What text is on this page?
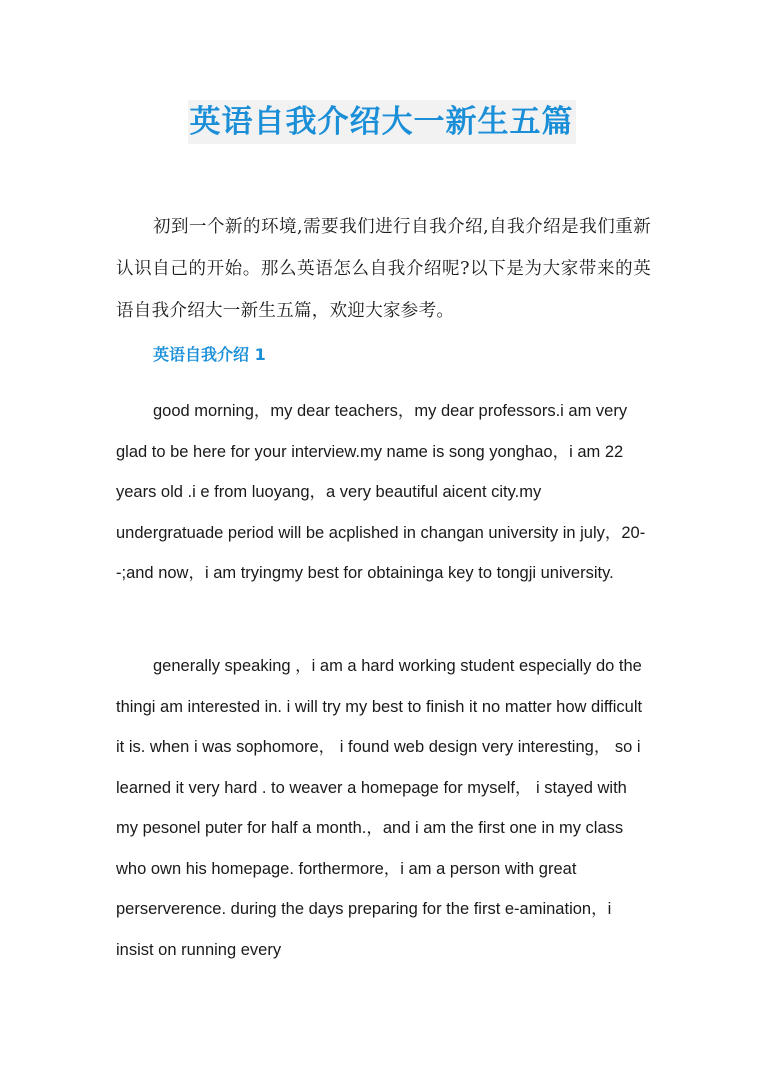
英语自我介绍大一新生五篇

初到一个新的环境,需要我们进行自我介绍,自我介绍是我们重新认识自己的开始。那么英语怎么自我介绍呢?以下是为大家带来的英语自我介绍大一新生五篇，欢迎大家参考。

英语自我介绍 1

good morning，my dear teachers，my dear professors.i am very glad to be here for your interview.my name is song yonghao，i am 22 years old .i e from luoyang，a very beautiful aicent city.my undergratuade period will be acplished in changan university in july，20--;and now，i am tryingmy best for obtaininga key to tongji university.

generally speaking ，i am a hard working student especially do the thingi am interested in. i will try my best to finish it no matter how difficult it is. when i was sophomore， i found web design very interesting， so i learned it very hard . to weaver a homepage for myself， i stayed with my pesonel puter for half a month.，and i am the first one in my class who own his homepage. forthermore，i am a person with great perserverence. during the days preparing for the first e-amination，i insist on running every
